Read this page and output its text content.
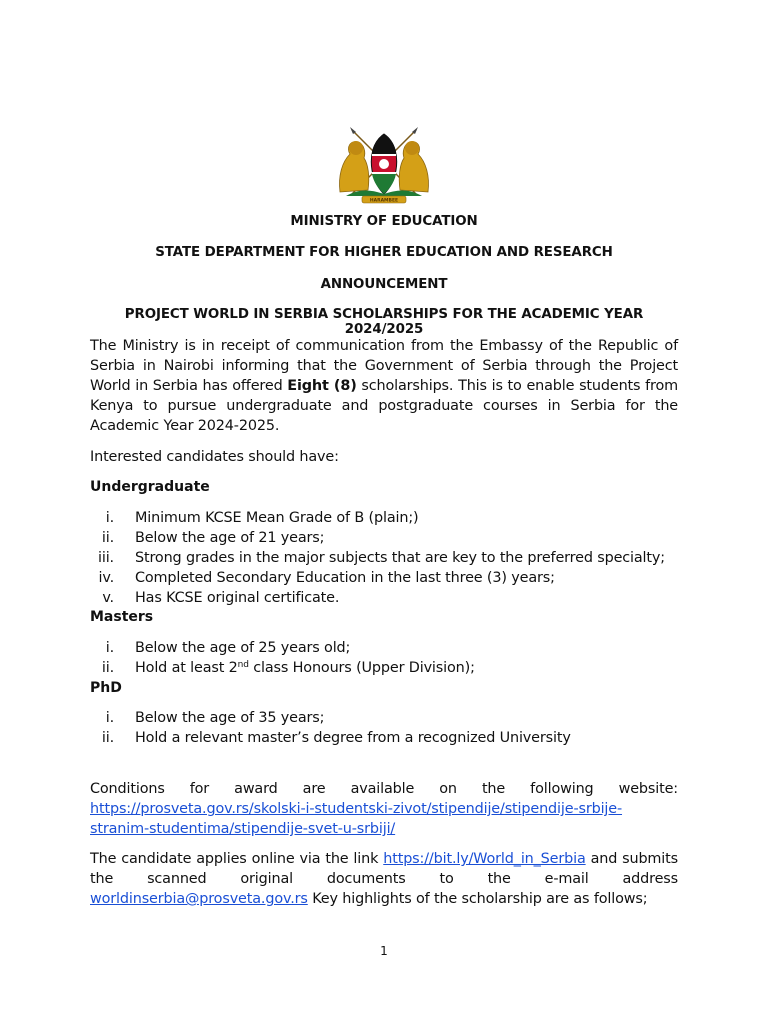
HARAMBEE
MINISTRY OF EDUCATION
STATE DEPARTMENT FOR HIGHER EDUCATION AND RESEARCH
ANNOUNCEMENT
PROJECT WORLD IN SERBIA SCHOLARSHIPS FOR THE ACADEMIC YEAR 2024/2025
The Ministry is in receipt of communication from the Embassy of the Republic of Serbia in Nairobi informing that the Government of Serbia through the Project World in Serbia has offered Eight (8) scholarships. This is to enable students from Kenya to pursue undergraduate and postgraduate courses in Serbia for the Academic Year 2024-2025.
Interested candidates should have:
Undergraduate
i. Minimum KCSE Mean Grade of B (plain;)
ii. Below the age of 21 years;
iii. Strong grades in the major subjects that are key to the preferred specialty;
iv. Completed Secondary Education in the last three (3) years;
v. Has KCSE original certificate.
Masters
i. Below the age of 25 years old;
ii. Hold at least 2nd class Honours (Upper Division);
PhD
i. Below the age of 35 years;
ii. Hold a relevant master’s degree from a recognized University
Conditions for award are available on the following website:
https://prosveta.gov.rs/skolski-i-studentski-zivot/stipendije/stipendije-srbije-
stranim-studentima/stipendije-svet-u-srbiji/
The candidate applies online via the link https://bit.ly/World_in_Serbia and submits the scanned original documents to the e-mail address worldinserbia@prosveta.gov.rs Key highlights of the scholarship are as follows;
1
